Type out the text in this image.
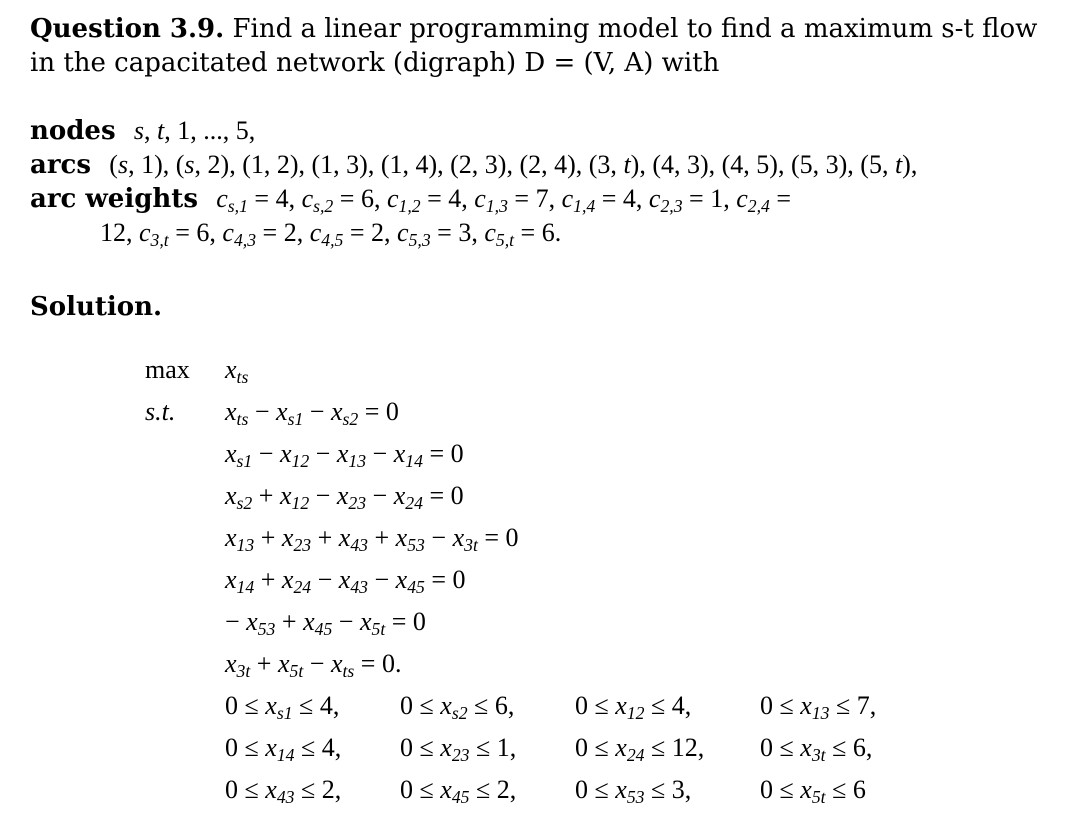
Question 3.9. Find a linear programming model to find a maximum s-t flow in the capacitated network (digraph) D = (V, A) with
nodes s, t, 1, ..., 5,
arcs (s, 1), (s, 2), (1, 2), (1, 3), (1, 4), (2, 3), (2, 4), (3, t), (4, 3), (4, 5), (5, 3), (5, t),
arc weights $c_{s,1} = 4$, $c_{s,2} = 6$, $c_{1,2} = 4$, $c_{1,3} = 7$, $c_{1,4} = 4$, $c_{2,3} = 1$, $c_{2,4}$ =
12, $c_{3,t} = 6$, $c_{4,3} = 2$, $c_{4,5} = 2$, $c_{5,3} = 3$, $c_{5,t} = 6$.
Solution.
max	$x_{ts}$
s.t.	$x_{ts} - x_{s1} - x_{s2} = 0$
$x_{s1} - x_{12} - x_{13} - x_{14} = 0$
$x_{s2} + x_{12} - x_{23} - x_{24} = 0$
$x_{13} + x_{23} + x_{43} + x_{53} - x_{3t} = 0$
$x_{14} + x_{24} - x_{43} - x_{45} = 0$
− $x_{53} + x_{45} - x_{5t} = 0$
$x_{3t} + x_{5t} - x_{ts} = 0$.
$0 \le x_{s1} \le 4$, $0 \le x_{s2} \le 6$, $0 \le x_{12} \le 4$,	$0 \le x_{13} \le 7$,
$0 \le x_{14} \le 4$, $0 \le x_{23} \le 1$, $0 \le x_{24} \le 12$, $0 \le x_{3t} \le 6$,
$0 \le x_{43} \le 2$, $0 \le x_{45} \le 2$, $0 \le x_{53} \le 3$,	$0 \le x_{5t} \le 6$
